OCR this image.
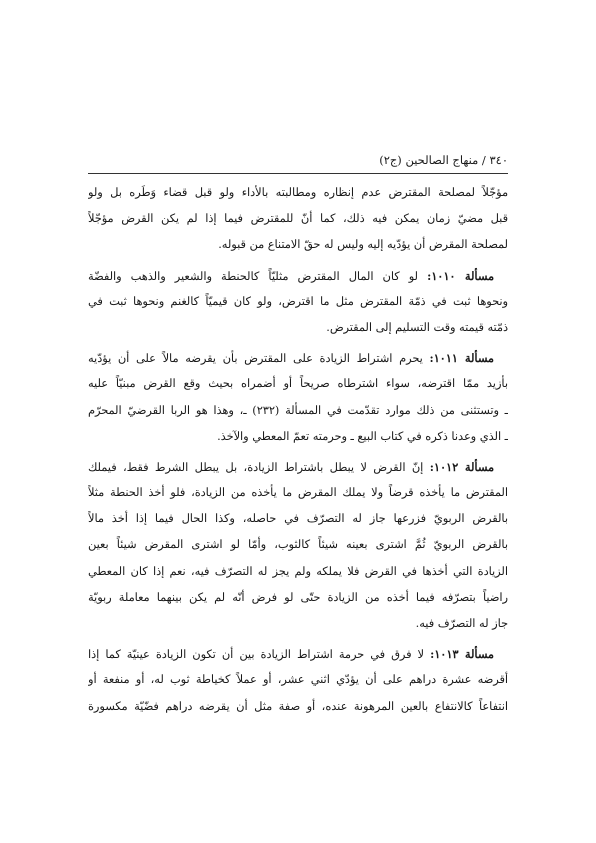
٣٤٠ / منهاج الصالحين (ج٢)
مؤجّلاً لمصلحة المقترض عدم إنظاره ومطالبته بالأداء ولو قبل قضاء وَطَره بل ولو
قبل مضيّ زمان يمكن فيه ذلك، كما أنّ للمقترض فيما إذا لم يكن القرض مؤجّلاً
لمصلحة المقرض أن يؤدّيه إليه وليس له حقّ الامتناع من قبوله.
مسألة ١٠١٠: لو كان المال المقترض مثليّاً كالحنطة والشعير والذهب والفضّة
ونحوها ثبت في ذمّة المقترض مثل ما اقترض، ولو كان قيميّاً كالغنم ونحوها ثبت في
ذمّته قيمته وقت التسليم إلى المقترض.
مسألة ١٠١١: يحرم اشتراط الزيادة على المقترض بأن يقرضه مالاً على أن يؤدّيه
بأزيد ممّا اقترضه، سواء اشترطاه صريحاً أو أضمراه بحيث وقع القرض مبنيّاً عليه
ـ وتستثنى من ذلك موارد تقدّمت في المسألة (٢٣٢) ـ، وهذا هو الربا القرضيّ المحرّم
ـ الذي وعدنا ذكره في كتاب البيع ـ وحرمته تعمّ المعطي والآخذ.
مسألة ١٠١٢: إنّ القرض لا يبطل باشتراط الزيادة، بل يبطل الشرط فقط، فيملك
المقترض ما يأخذه قرضاً ولا يملك المقرض ما يأخذه من الزيادة، فلو أخذ الحنطة مثلاً
بالقرض الربويّ فزرعها جاز له التصرّف في حاصله، وكذا الحال فيما إذا أخذ مالاً
بالقرض الربويّ ثُمَّ اشترى بعينه شيئاً كالثوب، وأمّا لو اشترى المقرض شيئاً بعين
الزيادة التي أخذها في القرض فلا يملكه ولم يجز له التصرّف فيه، نعم إذا كان المعطي
راضياً بتصرّفه فيما أخذه من الزيادة حتّى لو فرض أنّه لم يكن بينهما معاملة ربويّة
جاز له التصرّف فيه.
مسألة ١٠١٣: لا فرق في حرمة اشتراط الزيادة بين أن تكون الزيادة عينيّة كما إذا
أقرضه عشرة دراهم على أن يؤدّي اثني عشر، أو عملاً كخياطة ثوب له، أو منفعة أو
انتفاعاً كالانتفاع بالعين المرهونة عنده، أو صفة مثل أن يقرضه دراهم فضّيّة مكسورة
